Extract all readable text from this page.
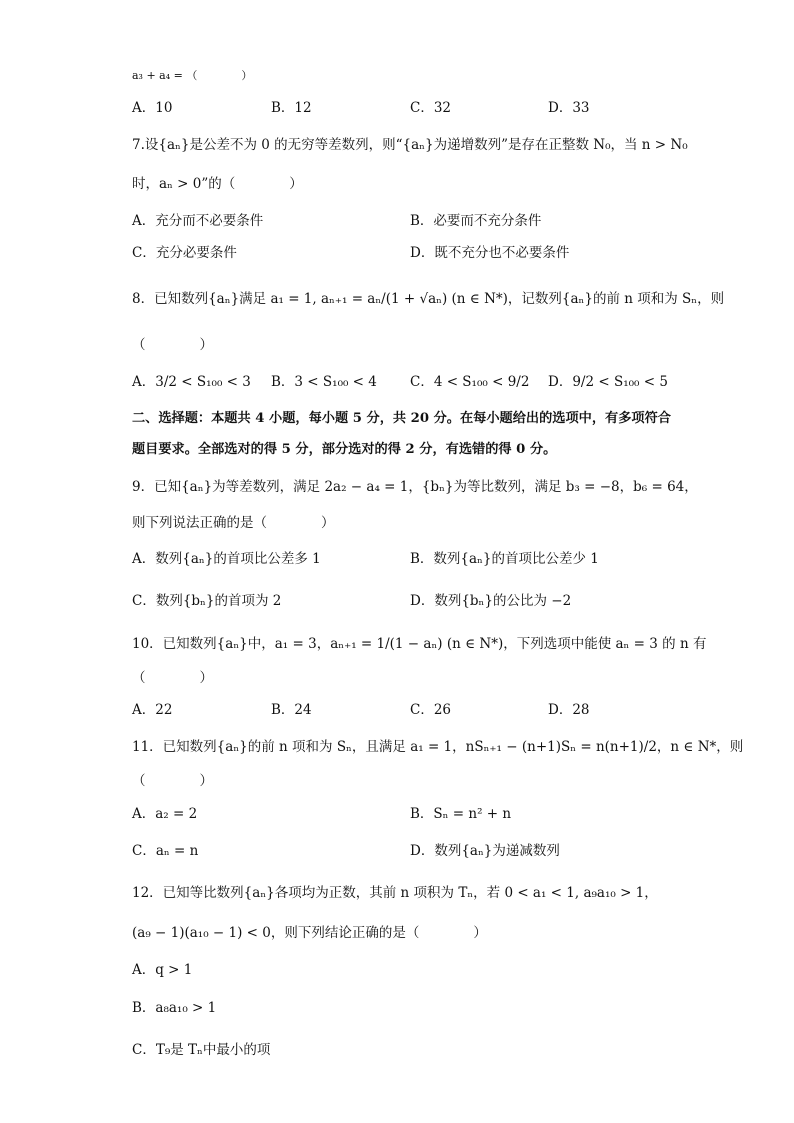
a₃ + a₄ = （　　　　）
A．10	B．12	C．32	D．33
7.设{aₙ}是公差不为 0 的无穷等差数列，则“{aₙ}为递增数列”是存在正整数 N₀，当 n > N₀
时，aₙ > 0”的（　　　　）
A．充分而不必要条件	B．必要而不充分条件
C．充分必要条件	D．既不充分也不必要条件
8．已知数列{aₙ}满足 a₁ = 1, aₙ₊₁ = aₙ/(1 + √aₙ) (n ∈ N*)，记数列{aₙ}的前 n 项和为 Sₙ，则
（　　　　）
A．3/2 < S₁₀₀ < 3 B．3 < S₁₀₀ < 4 C．4 < S₁₀₀ < 9/2 D．9/2 < S₁₀₀ < 5
二、选择题：本题共 4 小题，每小题 5 分，共 20 分。在每小题给出的选项中，有多项符合
题目要求。全部选对的得 5 分，部分选对的得 2 分，有选错的得 0 分。
9．已知{aₙ}为等差数列，满足 2a₂ − a₄ = 1，{bₙ}为等比数列，满足 b₃ = −8，b₆ = 64，
则下列说法正确的是（　　　　）
A．数列{aₙ}的首项比公差多 1	B．数列{aₙ}的首项比公差少 1
C．数列{bₙ}的首项为 2	D．数列{bₙ}的公比为 −2
10．已知数列{aₙ}中，a₁ = 3，aₙ₊₁ = 1/(1 − aₙ) (n ∈ N*)，下列选项中能使 aₙ = 3 的 n 有
（　　　　）
A．22	B．24	C．26	D．28
11．已知数列{aₙ}的前 n 项和为 Sₙ，且满足 a₁ = 1，nSₙ₊₁ − (n+1)Sₙ = n(n+1)/2，n ∈ N*，则
（　　　　）
A．a₂ = 2	B．Sₙ = n² + n
C．aₙ = n	D．数列{aₙ}为递减数列
12．已知等比数列{aₙ}各项均为正数，其前 n 项积为 Tₙ，若 0 < a₁ < 1, a₉a₁₀ > 1，
(a₉ − 1)(a₁₀ − 1) < 0，则下列结论正确的是（　　　　）
A．q > 1
B．a₈a₁₀ > 1
C．T₉是 Tₙ中最小的项
